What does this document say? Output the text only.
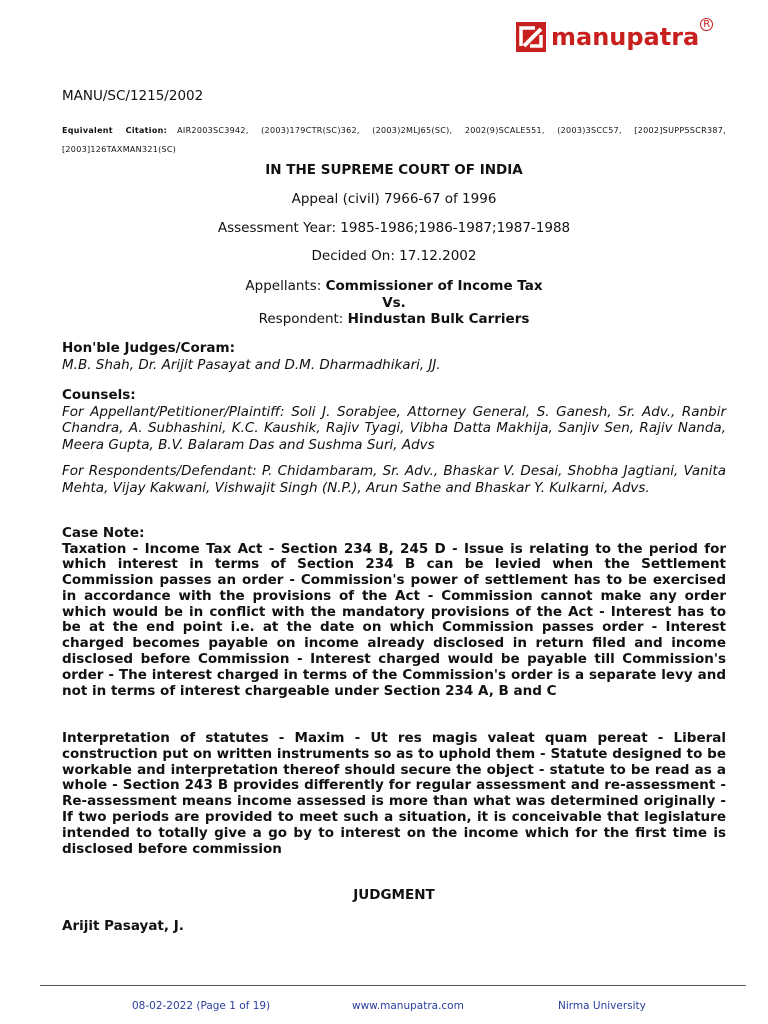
manupatra R
MANU/SC/1215/2002
Equivalent Citation: AIR2003SC3942, (2003)179CTR(SC)362, (2003)2MLJ65(SC), 2002(9)SCALE551, (2003)3SCC57, [2002]SUPP5SCR387, [2003]126TAXMAN321(SC)
IN THE SUPREME COURT OF INDIA
Appeal (civil) 7966-67 of 1996
Assessment Year: 1985-1986;1986-1987;1987-1988
Decided On: 17.12.2002
Appellants: Commissioner of Income Tax
Vs.
Respondent: Hindustan Bulk Carriers
Hon'ble Judges/Coram:
M.B. Shah, Dr. Arijit Pasayat and D.M. Dharmadhikari, JJ.
Counsels:
For Appellant/Petitioner/Plaintiff: Soli J. Sorabjee, Attorney General, S. Ganesh, Sr. Adv., Ranbir Chandra, A. Subhashini, K.C. Kaushik, Rajiv Tyagi, Vibha Datta Makhija, Sanjiv Sen, Rajiv Nanda, Meera Gupta, B.V. Balaram Das and Sushma Suri, Advs
For Respondents/Defendant: P. Chidambaram, Sr. Adv., Bhaskar V. Desai, Shobha Jagtiani, Vanita Mehta, Vijay Kakwani, Vishwajit Singh (N.P.), Arun Sathe and Bhaskar Y. Kulkarni, Advs.
Case Note:
Taxation - Income Tax Act - Section 234 B, 245 D - Issue is relating to the period for which interest in terms of Section 234 B can be levied when the Settlement Commission passes an order - Commission's power of settlement has to be exercised in accordance with the provisions of the Act - Commission cannot make any order which would be in conflict with the mandatory provisions of the Act - Interest has to be at the end point i.e. at the date on which Commission passes order - Interest charged becomes payable on income already disclosed in return filed and income disclosed before Commission - Interest charged would be payable till Commission's order - The interest charged in terms of the Commission's order is a separate levy and not in terms of interest chargeable under Section 234 A, B and C
Interpretation of statutes - Maxim - Ut res magis valeat quam pereat - Liberal construction put on written instruments so as to uphold them - Statute designed to be workable and interpretation thereof should secure the object - statute to be read as a whole - Section 243 B provides differently for regular assessment and re-assessment - Re-assessment means income assessed is more than what was determined originally - If two periods are provided to meet such a situation, it is conceivable that legislature intended to totally give a go by to interest on the income which for the first time is disclosed before commission
JUDGMENT
Arijit Pasayat, J.
08-02-2022 (Page 1 of 19)	www.manupatra.com	Nirma University
